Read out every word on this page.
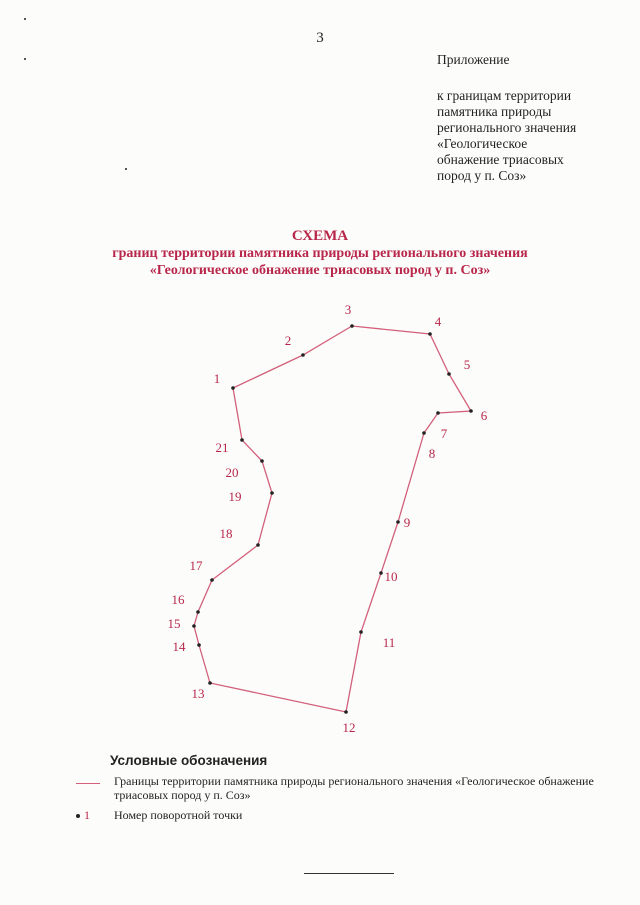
3
Приложение
к границам территории
памятника природы
регионального значения
«Геологическое
обнажение триасовых
пород у п. Соз»
СХЕМА
границ территории памятника природы регионального значения
«Геологическое обнажение триасовых пород у п. Соз»
1
2
3
4
5
6
7
8
9
10
11
12
13
14
15
16
17
18
19
20
21
Условные обозначения
Границы территории памятника природы регионального значения «Геологическое обнажение триасовых пород у п. Соз»
1 Номер поворотной точки
